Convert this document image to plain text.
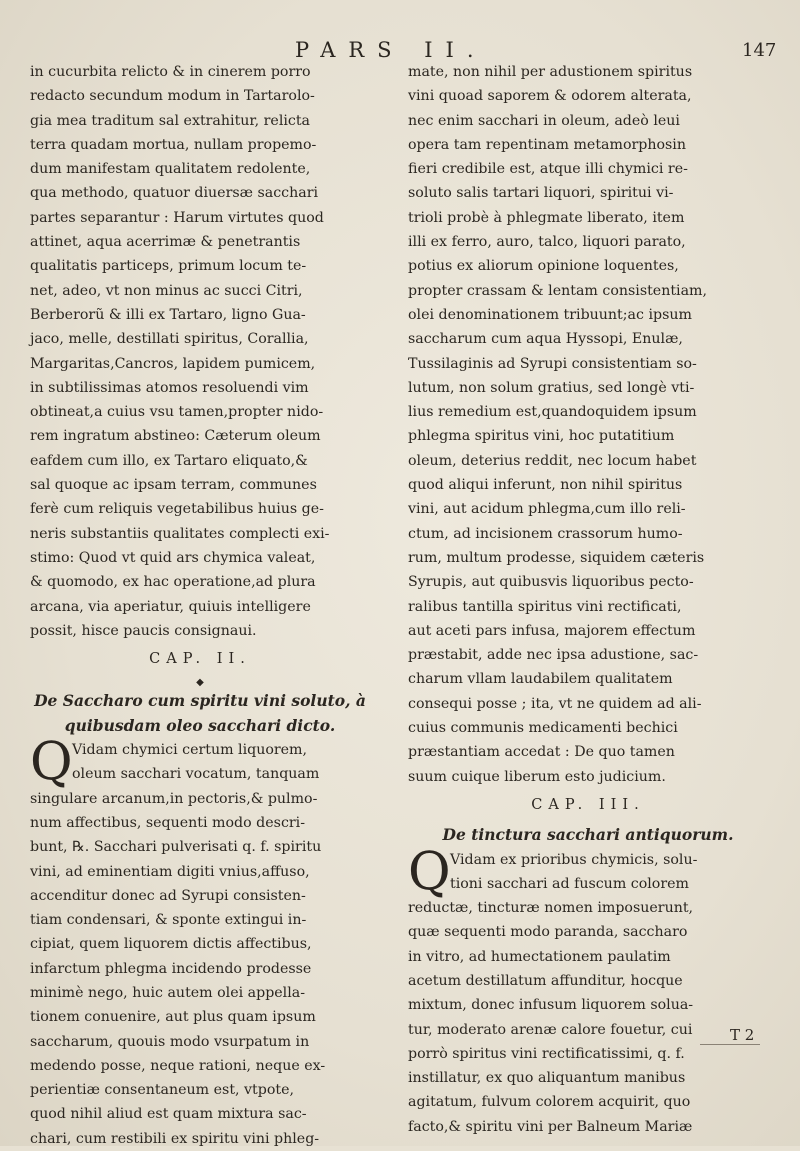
PARS II.	147
in cucurbita relicto & in cinerem porro
redacto secundum modum in Tartarolo-
gia mea traditum sal extrahitur, relicta
terra quadam mortua, nullam propemo-
dum manifestam qualitatem redolente,
qua methodo, quatuor diuersæ sacchari
partes separantur : Harum virtutes quod
attinet, aqua acerrimæ & penetrantis
qualitatis particeps, primum locum te-
net, adeo, vt non minus ac succi Citri,
Berberorũ & illi ex Tartaro, ligno Gua-
jaco, melle, destillati spiritus, Corallia,
Margaritas,Cancros, lapidem pumicem,
in subtilissimas atomos resoluendi vim
obtineat,a cuius vsu tamen,propter nido-
rem ingratum abstineo: Cæterum oleum
eafdem cum illo, ex Tartaro eliquato,&
sal quoque ac ipsam terram, communes
ferè cum reliquis vegetabilibus huius ge-
neris substantiis qualitates complecti exi-
stimo: Quod vt quid ars chymica valeat,
& quomodo, ex hac operatione,ad plura
arcana, via aperiatur, quiuis intelligere
possit, hisce paucis consignaui.
CAP. II.
◆
De Saccharo cum spiritu vini soluto, à
quibusdam oleo sacchari dicto.
Q Vidam chymici certum liquorem,
oleum sacchari vocatum, tanquam
singulare arcanum,in pectoris,& pulmo-
num affectibus, sequenti modo descri-
bunt, ℞. Sacchari pulverisati q. f. spiritu
vini, ad eminentiam digiti vnius,affuso,
accenditur donec ad Syrupi consisten-
tiam condensari, & sponte extingui in-
cipiat, quem liquorem dictis affectibus,
infarctum phlegma incidendo prodesse
minimè nego, huic autem olei appella-
tionem conuenire, aut plus quam ipsum
saccharum, quouis modo vsurpatum in
medendo posse, neque rationi, neque ex-
perientiæ consentaneum est, vtpote,
quod nihil aliud est quam mixtura sac-
chari, cum restibili ex spiritu vini phleg-
mate, non nihil per adustionem spiritus
vini quoad saporem & odorem alterata,
nec enim sacchari in oleum, adeò leui
opera tam repentinam metamorphosin
fieri credibile est, atque illi chymici re-
soluto salis tartari liquori, spiritui vi-
trioli probè à phlegmate liberato, item
illi ex ferro, auro, talco, liquori parato,
potius ex aliorum opinione loquentes,
propter crassam & lentam consistentiam,
olei denominationem tribuunt;ac ipsum
saccharum cum aqua Hyssopi, Enulæ,
Tussilaginis ad Syrupi consistentiam so-
lutum, non solum gratius, sed longè vti-
lius remedium est,quandoquidem ipsum
phlegma spiritus vini, hoc putatitium
oleum, deterius reddit, nec locum habet
quod aliqui inferunt, non nihil spiritus
vini, aut acidum phlegma,cum illo reli-
ctum, ad incisionem crassorum humo-
rum, multum prodesse, siquidem cæteris
Syrupis, aut quibusvis liquoribus pecto-
ralibus tantilla spiritus vini rectificati,
aut aceti pars infusa, majorem effectum
præstabit, adde nec ipsa adustione, sac-
charum vllam laudabilem qualitatem
consequi posse ; ita, vt ne quidem ad ali-
cuius communis medicamenti bechici
præstantiam accedat : De quo tamen
suum cuique liberum esto judicium.
CAP. III.
De tinctura sacchari antiquorum.
Q Vidam ex prioribus chymicis, solu-
tioni sacchari ad fuscum colorem
reductæ, tincturæ nomen imposuerunt,
quæ sequenti modo paranda, saccharo
in vitro, ad humectationem paulatim
acetum destillatum affunditur, hocque
mixtum, donec infusum liquorem solua-
tur, moderato arenæ calore fouetur, cui
porrò spiritus vini rectificatissimi, q. f.
instillatur, ex quo aliquantum manibus
agitatum, fulvum colorem acquirit, quo
facto,& spiritu vini per Balneum Mariæ
T 2
